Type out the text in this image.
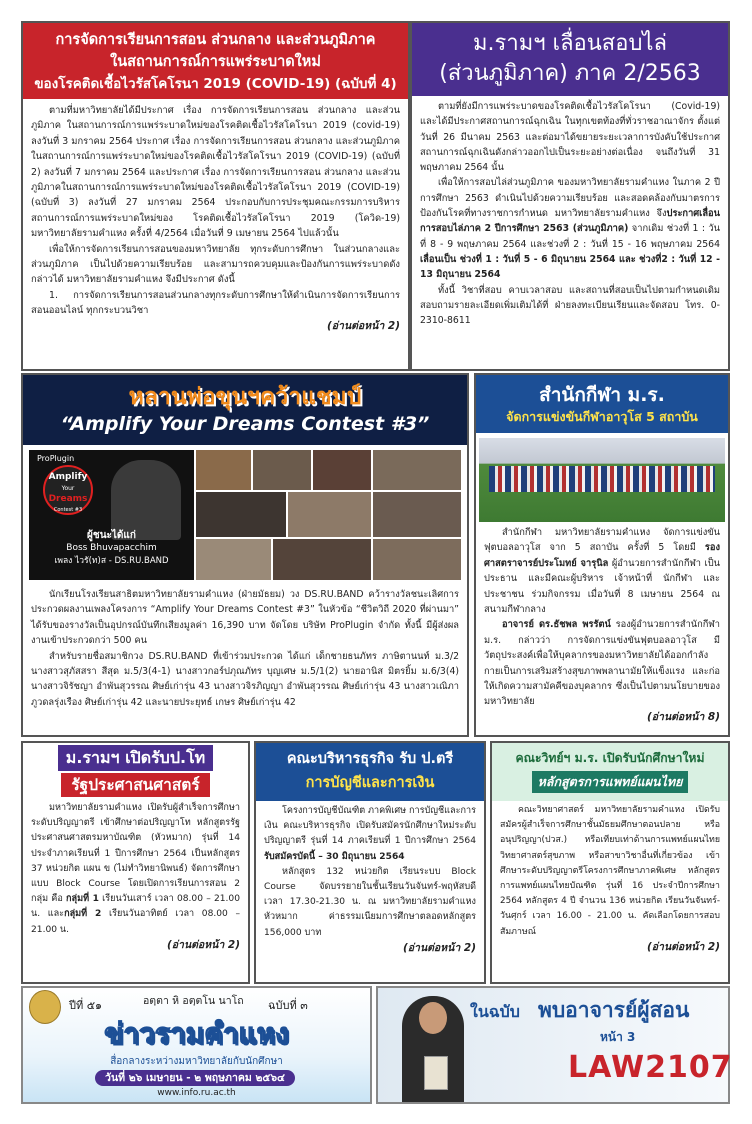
การจัดการเรียนการสอน ส่วนกลาง และส่วนภูมิภาค
ในสถานการณ์การแพร่ระบาดใหม่
ของโรคติดเชื้อไวรัสโคโรนา 2019 (COVID-19) (ฉบับที่ 4)

ตามที่มหาวิทยาลัยได้มีประกาศ เรื่อง การจัดการเรียนการสอน ส่วนกลาง และส่วนภูมิภาค ในสถานการณ์การแพร่ระบาดใหม่ของโรคติดเชื้อไวรัสโคโรนา 2019 (covid-19) ลงวันที่ 3 มกราคม 2564 ประกาศ เรื่อง การจัดการเรียนการสอน ส่วนกลาง และส่วนภูมิภาคในสถานการณ์การแพร่ระบาดใหม่ของโรคติดเชื้อไวรัสโคโรนา 2019 (COVID-19) (ฉบับที่ 2) ลงวันที่ 7 มกราคม 2564 และประกาศ เรื่อง การจัดการเรียนการสอน ส่วนกลาง และส่วนภูมิภาคในสถานการณ์การแพร่ระบาดใหม่ของโรคติดเชื้อไวรัสโคโรนา 2019 (COVID-19) (ฉบับที่ 3) ลงวันที่ 27 มกราคม 2564 ประกอบกับการประชุมคณะกรรมการบริหารสถานการณ์การแพร่ระบาดใหม่ของ โรคติดเชื้อไวรัสโคโรนา 2019 (โควิด-19) มหาวิทยาลัยรามคำแหง ครั้งที่ 4/2564 เมื่อวันที่ 9 เมษายน 2564 ไปแล้วนั้น

เพื่อให้การจัดการเรียนการสอนของมหาวิทยาลัย ทุกระดับการศึกษา ในส่วนกลางและส่วนภูมิภาค เป็นไปด้วยความเรียบร้อย และสามารถควบคุมและป้องกันการแพร่ระบาดดังกล่าวได้ มหาวิทยาลัยรามคำแหง จึงมีประกาศ ดังนี้

1. การจัดการเรียนการสอนส่วนกลางทุกระดับการศึกษาให้ดำเนินการจัดการเรียนการสอนออนไลน์ ทุกกระบวนวิชา

(อ่านต่อหน้า 2)
ม.รามฯ เลื่อนสอบไล่
(ส่วนภูมิภาค) ภาค 2/2563

ตามที่ยังมีการแพร่ระบาดของโรคติดเชื้อไวรัสโคโรนา (Covid-19) และได้มีประกาศสถานการณ์ฉุกเฉิน ในทุกเขตท้องที่ทั่วราชอาณาจักร ตั้งแต่วันที่ 26 มีนาคม 2563 และต่อมาได้ขยายระยะเวลาการบังคับใช้ประกาศสถานการณ์ฉุกเฉินดังกล่าวออกไปเป็นระยะอย่างต่อเนื่อง จนถึงวันที่ 31 พฤษภาคม 2564 นั้น

เพื่อให้การสอบไล่ส่วนภูมิภาค ของมหาวิทยาลัยรามคำแหง ในภาค 2 ปีการศึกษา 2563 ดำเนินไปด้วยความเรียบร้อย และสอดคล้องกับมาตรการป้องกันโรคที่ทางราชการกำหนด มหาวิทยาลัยรามคำแหง จึงประกาศเลื่อนการสอบไล่ภาค 2 ปีการศึกษา 2563 (ส่วนภูมิภาค) จากเดิม ช่วงที่ 1 : วันที่ 8 - 9 พฤษภาคม 2564 และช่วงที่ 2 : วันที่ 15 - 16 พฤษภาคม 2564 เลื่อนเป็น ช่วงที่ 1 : วันที่ 5 - 6 มิถุนายน 2564 และ ช่วงที่2 : วันที่ 12 - 13 มิถุนายน 2564

ทั้งนี้ วิชาที่สอบ คาบเวลาสอบ และสถานที่สอบเป็นไปตามกำหนดเดิม สอบถามรายละเอียดเพิ่มเติมได้ที่ ฝ่ายลงทะเบียนเรียนและจัดสอบ โทร. 0-2310-8611

หลานพ่อขุนฯคว้าแชมป์
“Amplify Your Dreams Contest #3”
ProPlugin
Amplify
Your
Dreams
Contest #3
ผู้ชนะได้แก่
Boss Bhuvapacchim
เพลง ไวรั(ท)ส - DS.RU.BAND

นักเรียนโรงเรียนสาธิตมหาวิทยาลัยรามคำแหง (ฝ่ายมัธยม) วง DS.RU.BAND คว้ารางวัลชนะเลิศการประกวดผลงานเพลงโครงการ “Amplify Your Dreams Contest #3” ในหัวข้อ “ชีวิตวิถี 2020 ที่ผ่านมา” ได้รับของรางวัลเป็นอุปกรณ์บันทึกเสียงมูลค่า 16,390 บาท จัดโดย บริษัท ProPlugin จำกัด ทั้งนี้ มีผู้ส่งผลงานเข้าประกวดกว่า 500 คน

สำหรับรายชื่อสมาชิกวง DS.RU.BAND ที่เข้าร่วมประกวด ได้แก่ เด็กชายธนภัทร ภาษิตานนท์ ม.3/2 นางสาวสุภัสสรา สีสุด ม.5/3(4-1) นางสาวกอร์ปภุณภัทร บุญเศษ ม.5/1(2) นายอานิส มิตรยิ้ม ม.6/3(4) นางสาวจิรัชญา อำพันสุวรรณ ศิษย์เก่ารุ่น 43 นางสาวจิรภิญญา อำพันสุวรรณ ศิษย์เก่ารุ่น 43 นางสาวเณิภา ภูวดลรุ่งเรือง ศิษย์เก่ารุ่น 42 และนายประยุทธ์ เกษร ศิษย์เก่ารุ่น 42

สำนักกีฬา ม.ร.
จัดการแข่งขันกีฬาอาวุโส 5 สถาบัน

สำนักกีฬา มหาวิทยาลัยรามคำแหง จัดการแข่งขันฟุตบอลอาวุโส จาก 5 สถาบัน ครั้งที่ 5 โดยมี รองศาสตราจารย์ประโมทย์ จารุนิล ผู้อำนวยการสำนักกีฬา เป็นประธาน และมีคณะผู้บริหาร เจ้าหน้าที่ นักกีฬา และประชาชน ร่วมกิจกรรม เมื่อวันที่ 8 เมษายน 2564 ณ สนามกีฬากลาง

อาจารย์ ดร.ธัชพล พรรัตน์ รองผู้อำนวยการสำนักกีฬา ม.ร. กล่าวว่า การจัดการแข่งขันฟุตบอลอาวุโส มีวัตถุประสงค์เพื่อให้บุคลากรของมหาวิทยาลัยได้ออกกำลังกายเป็นการเสริมสร้างสุขภาพพลานามัยให้แข็งแรง และก่อให้เกิดความสามัคคีของบุคลากร ซึ่งเป็นไปตามนโยบายของมหาวิทยาลัย

(อ่านต่อหน้า 8)
ม.รามฯ เปิดรับป.โท รัฐประศาสนศาสตร์

มหาวิทยาลัยรามคำแหง เปิดรับผู้สำเร็จการศึกษาระดับปริญญาตรี เข้าศึกษาต่อปริญญาโท หลักสูตรรัฐประศาสนศาสตรมหาบัณฑิต (หัวหมาก) รุ่นที่ 14 ประจำภาคเรียนที่ 1 ปีการศึกษา 2564 เป็นหลักสูตร 37 หน่วยกิต แผน ข (ไม่ทำวิทยานิพนธ์) จัดการศึกษาแบบ Block Course โดยเปิดการเรียนการสอน 2 กลุ่ม คือ กลุ่มที่ 1 เรียนวันเสาร์ เวลา 08.00 – 21.00 น. และกลุ่มที่ 2 เรียนวันอาทิตย์ เวลา 08.00 – 21.00 น.

(อ่านต่อหน้า 2)
คณะบริหารธุรกิจ รับ ป.ตรี
การบัญชีและการเงิน

โครงการบัญชีบัณฑิต ภาคพิเศษ การบัญชีและการเงิน คณะบริหารธุรกิจ เปิดรับสมัครนักศึกษาใหม่ระดับปริญญาตรี รุ่นที่ 14 ภาคเรียนที่ 1 ปีการศึกษา 2564 รับสมัครบัดนี้ – 30 มิถุนายน 2564

หลักสูตร 132 หน่วยกิต เรียนระบบ Block Course จัดบรรยายในชั้นเรียนวันจันทร์-พฤหัสบดี เวลา 17.30-21.30 น. ณ มหาวิทยาลัยรามคำแหง หัวหมาก ค่าธรรมเนียมการศึกษาตลอดหลักสูตร 156,000 บาท

(อ่านต่อหน้า 2)
คณะวิทย์ฯ ม.ร. เปิดรับนักศึกษาใหม่
หลักสูตรการแพทย์แผนไทย

คณะวิทยาศาสตร์ มหาวิทยาลัยรามคำแหง เปิดรับสมัครผู้สำเร็จการศึกษาชั้นมัธยมศึกษาตอนปลาย หรืออนุปริญญา(ปวส.) หรือเทียบเท่าด้านการแพทย์แผนไทย วิทยาศาสตร์สุขภาพ หรือสาขาวิชาอื่นที่เกี่ยวข้อง เข้าศึกษาระดับปริญญาตรีโครงการศึกษาภาคพิเศษ หลักสูตรการแพทย์แผนไทยบัณฑิต รุ่นที่ 16 ประจำปีการศึกษา 2564 หลักสูตร 4 ปี จำนวน 136 หน่วยกิต เรียนวันจันทร์-วันศุกร์ เวลา 16.00 - 21.00 น. คัดเลือกโดยการสอบสัมภาษณ์

(อ่านต่อหน้า 2)
ปีที่ ๕๑	อตฺตา หิ อตฺตโน นาโถ ฉบับที่ ๓
ข่าวรามคำแหง
สื่อกลางระหว่างมหาวิทยาลัยกับนักศึกษา
วันที่ ๒๖ เมษายน - ๒ พฤษภาคม ๒๕๖๔
www.info.ru.ac.th
ในฉบับ พบอาจารย์ผู้สอน
หน้า 3
LAW2107
